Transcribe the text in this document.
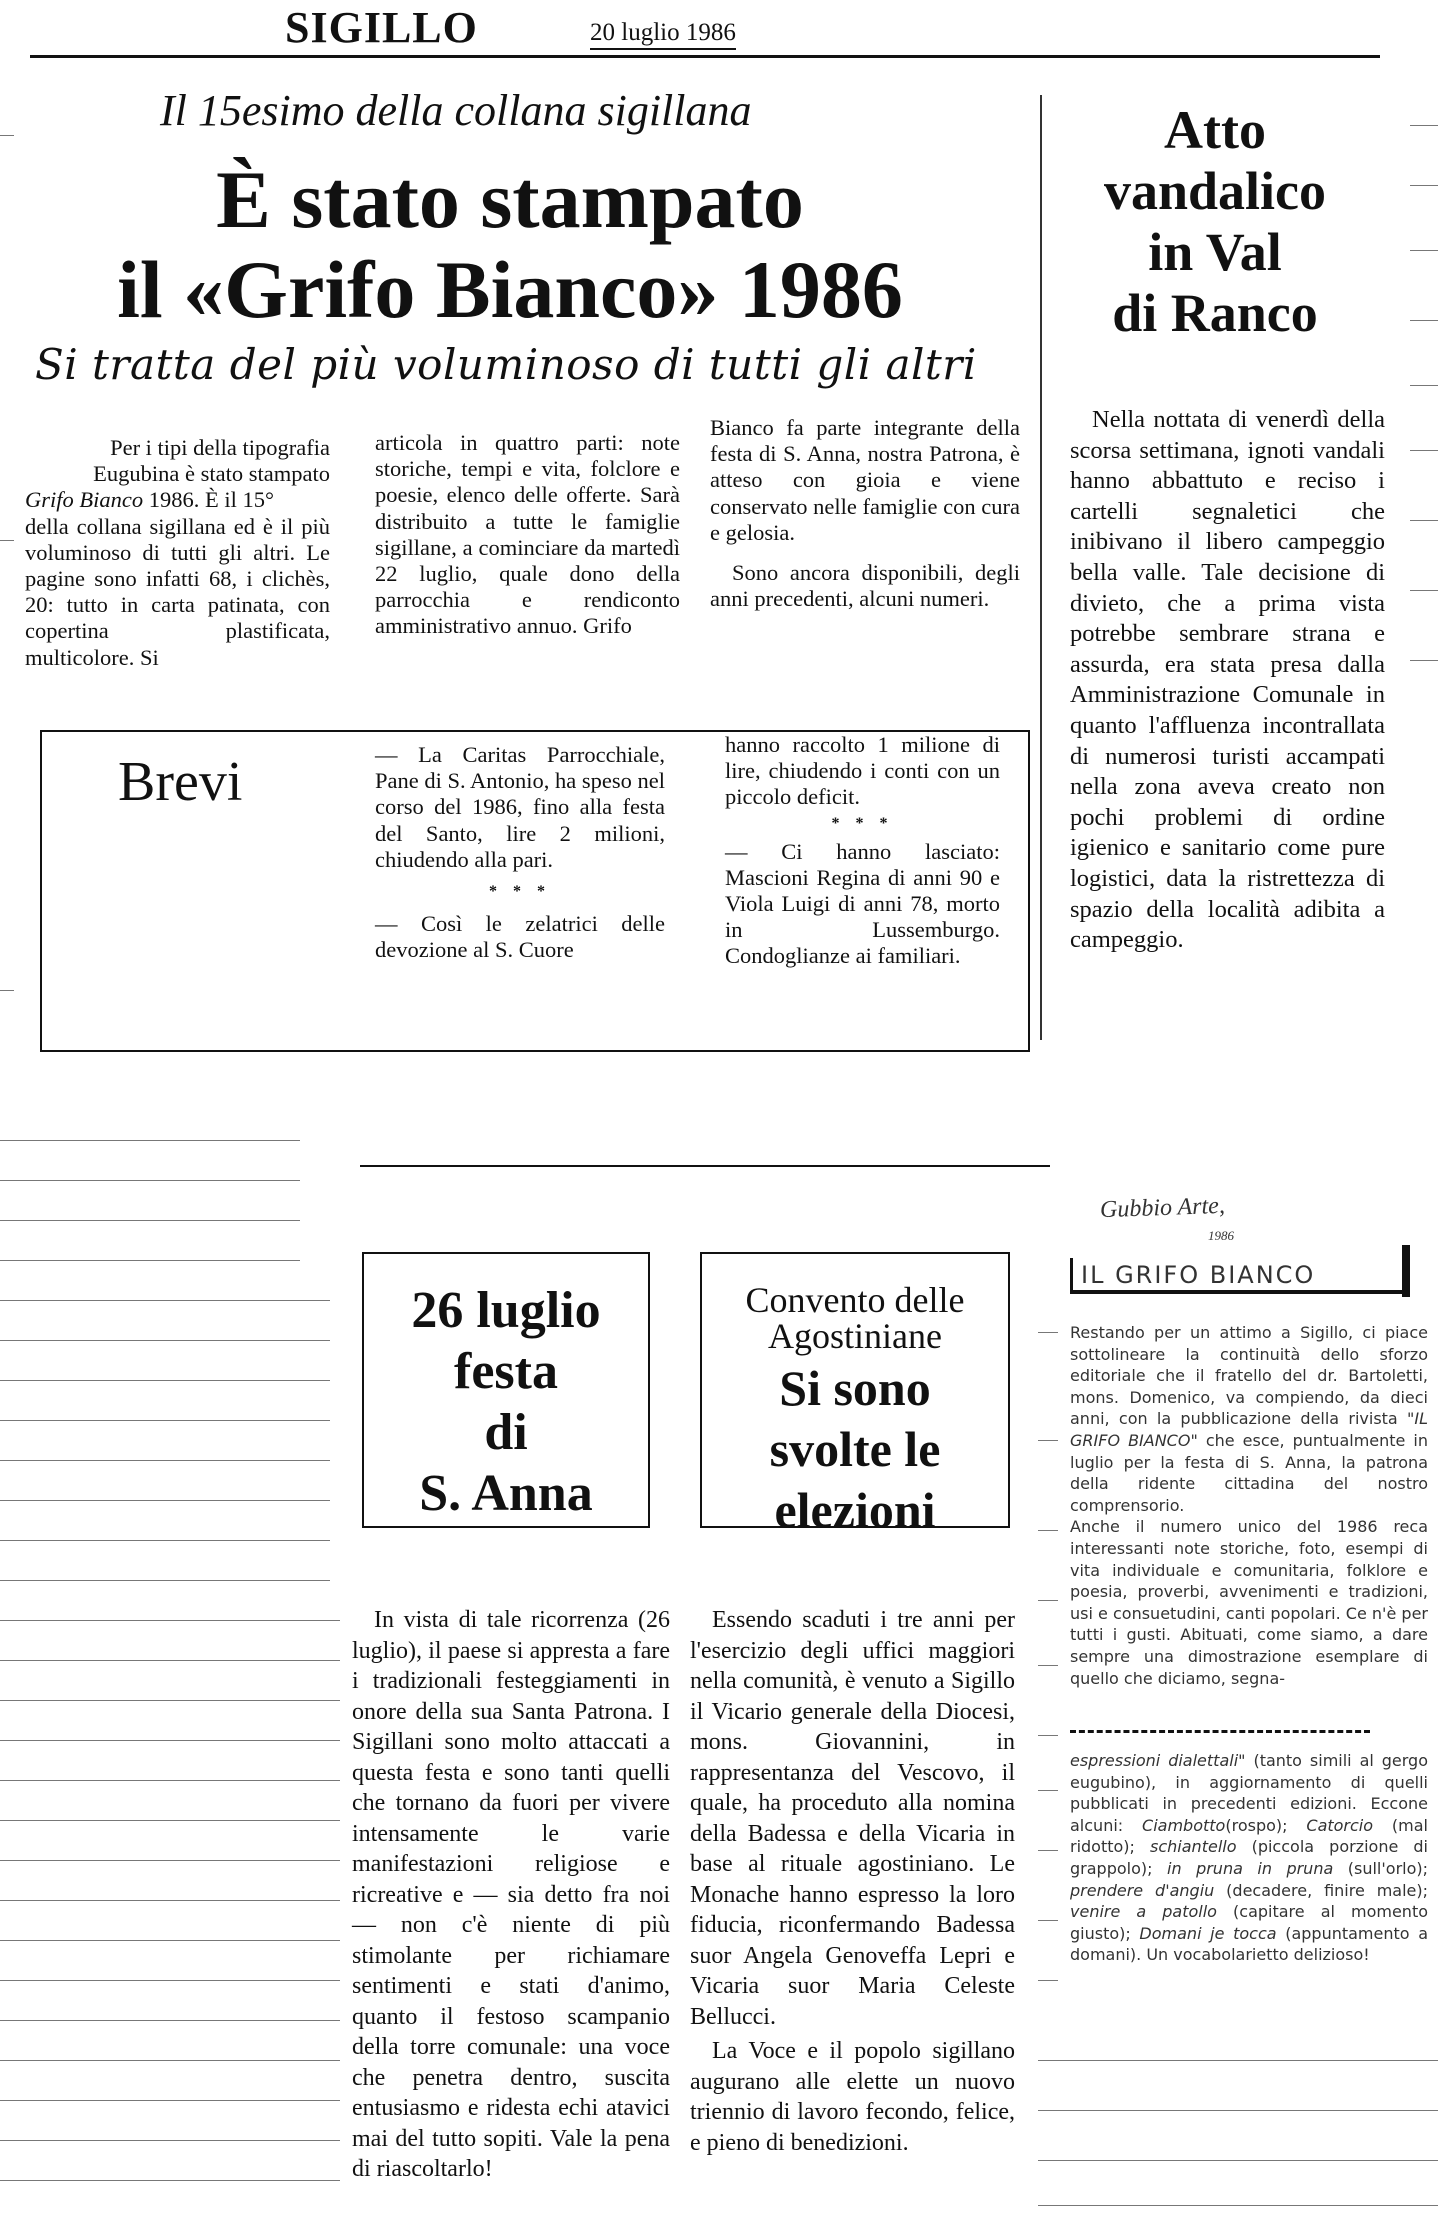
SIGILLO	20 luglio 1986
Il 15esimo della collana sigillana
È stato stampato
il «Grifo Bianco» 1986
Si tratta del più voluminoso di tutti gli altri

Per i tipi della tipografia

Eugubina è stato stampato

Grifo Bianco 1986. È il 15°

della collana sigillana ed è il più voluminoso di tutti gli altri. Le pagine sono infatti 68, i clichès, 20: tutto in carta patinata, con copertina plastificata, multicolore. Si

articola in quattro parti: note storiche, tempi e vita, folclore e poesie, elenco delle offerte. Sarà distribuito a tutte le famiglie sigillane, a cominciare da martedì 22 luglio, quale dono della parrocchia e rendiconto amministrativo annuo. Grifo

Bianco fa parte integrante della festa di S. Anna, nostra Patrona, è atteso con gioia e viene conservato nelle famiglie con cura e gelosia.

Sono ancora disponibili, degli anni precedenti, alcuni numeri.

Brevi	— La Caritas Parrocchiale, Pane di S. Antonio, ha speso nel corso del 1986, fino alla festa del Santo, lire 2 milioni, chiudendo alla pari.

* * *

— Così le zelatrici delle devozione al S. Cuore

hanno raccolto 1 milione di lire, chiudendo i conti con un piccolo deficit.

* * *

— Ci hanno lasciato: Mascioni Regina di anni 90 e Viola Luigi di anni 78, morto in Lussemburgo. Condoglianze ai familiari.

Atto
vandalico
in Val
di Ranco
Nella nottata di venerdì della scorsa settimana, ignoti vandali hanno abbattuto e reciso i cartelli segnaletici che inibivano il libero campeggio bella valle. Tale decisione di divieto, che a prima vista potrebbe sembrare strana e assurda, era stata presa dalla Amministrazione Comunale in quanto l'affluenza incontrallata di numerosi turisti accampati nella zona aveva creato non pochi problemi di ordine igienico e sanitario come pure logistici, data la ristrettezza di spazio della località adibita a campeggio.
26 luglio
festa
di
S. Anna
In vista di tale ricorrenza (26 luglio), il paese si appresta a fare i tradizionali festeggiamenti in onore della sua Santa Patrona. I Sigillani sono molto attaccati a questa festa e sono tanti quelli che tornano da fuori per vivere intensamente le varie manifestazioni religiose e ricreative e — sia detto fra noi — non c'è niente di più stimolante per richiamare sentimenti e stati d'animo, quanto il festoso scampanio della torre comunale: una voce che penetra dentro, suscita entusiasmo e ridesta echi atavici mai del tutto sopiti. Vale la pena di riascoltarlo!
Convento delle
Agostiniane
Si sono
svolte le
elezioni

Essendo scaduti i tre anni per l'esercizio degli uffici maggiori nella comunità, è venuto a Sigillo il Vicario generale della Diocesi, mons. Giovannini, in rappresentanza del Vescovo, il quale, ha proceduto alla nomina della Badessa e della Vicaria in base al rituale agostiniano. Le Monache hanno espresso la loro fiducia, riconfermando Badessa suor Angela Genoveffa Lepri e Vicaria suor Maria Celeste Bellucci.

La Voce e il popolo sigillano augurano alle elette un nuovo triennio di lavoro fecondo, felice, e pieno di benedizioni.

Gubbio Arte,
1986
IL GRIFO BIANCO

Restando per un attimo a Sigillo, ci piace sottolineare la continuità dello sforzo editoriale che il fratello del dr. Bartoletti, mons. Domenico, va compiendo, da dieci anni, con la pubblicazione della rivista "IL GRIFO BIANCO" che esce, puntualmente in luglio per la festa di S. Anna, la patrona della ridente cittadina del nostro comprensorio.

Anche il numero unico del 1986 reca interessanti note storiche, foto, esempi di vita individuale e comunitaria, folklore e poesia, proverbi, avvenimenti e tradizioni, usi e consuetudini, canti popolari. Ce n'è per tutti i gusti. Abituati, come siamo, a dare sempre una dimostrazione esemplare di quello che diciamo, segna-

espressioni dialettali" (tanto simili al gergo eugubino), in aggiornamento di quelli pubblicati in precedenti edizioni. Eccone alcuni: Ciambotto(rospo); Catorcio (mal ridotto); schiantello (piccola porzione di grappolo); in pruna in pruna (sull'orlo); prendere d'angiu (decadere, finire male); venire a patollo (capitare al momento giusto); Domani je tocca (appuntamento a domani). Un vocabolarietto delizioso!
